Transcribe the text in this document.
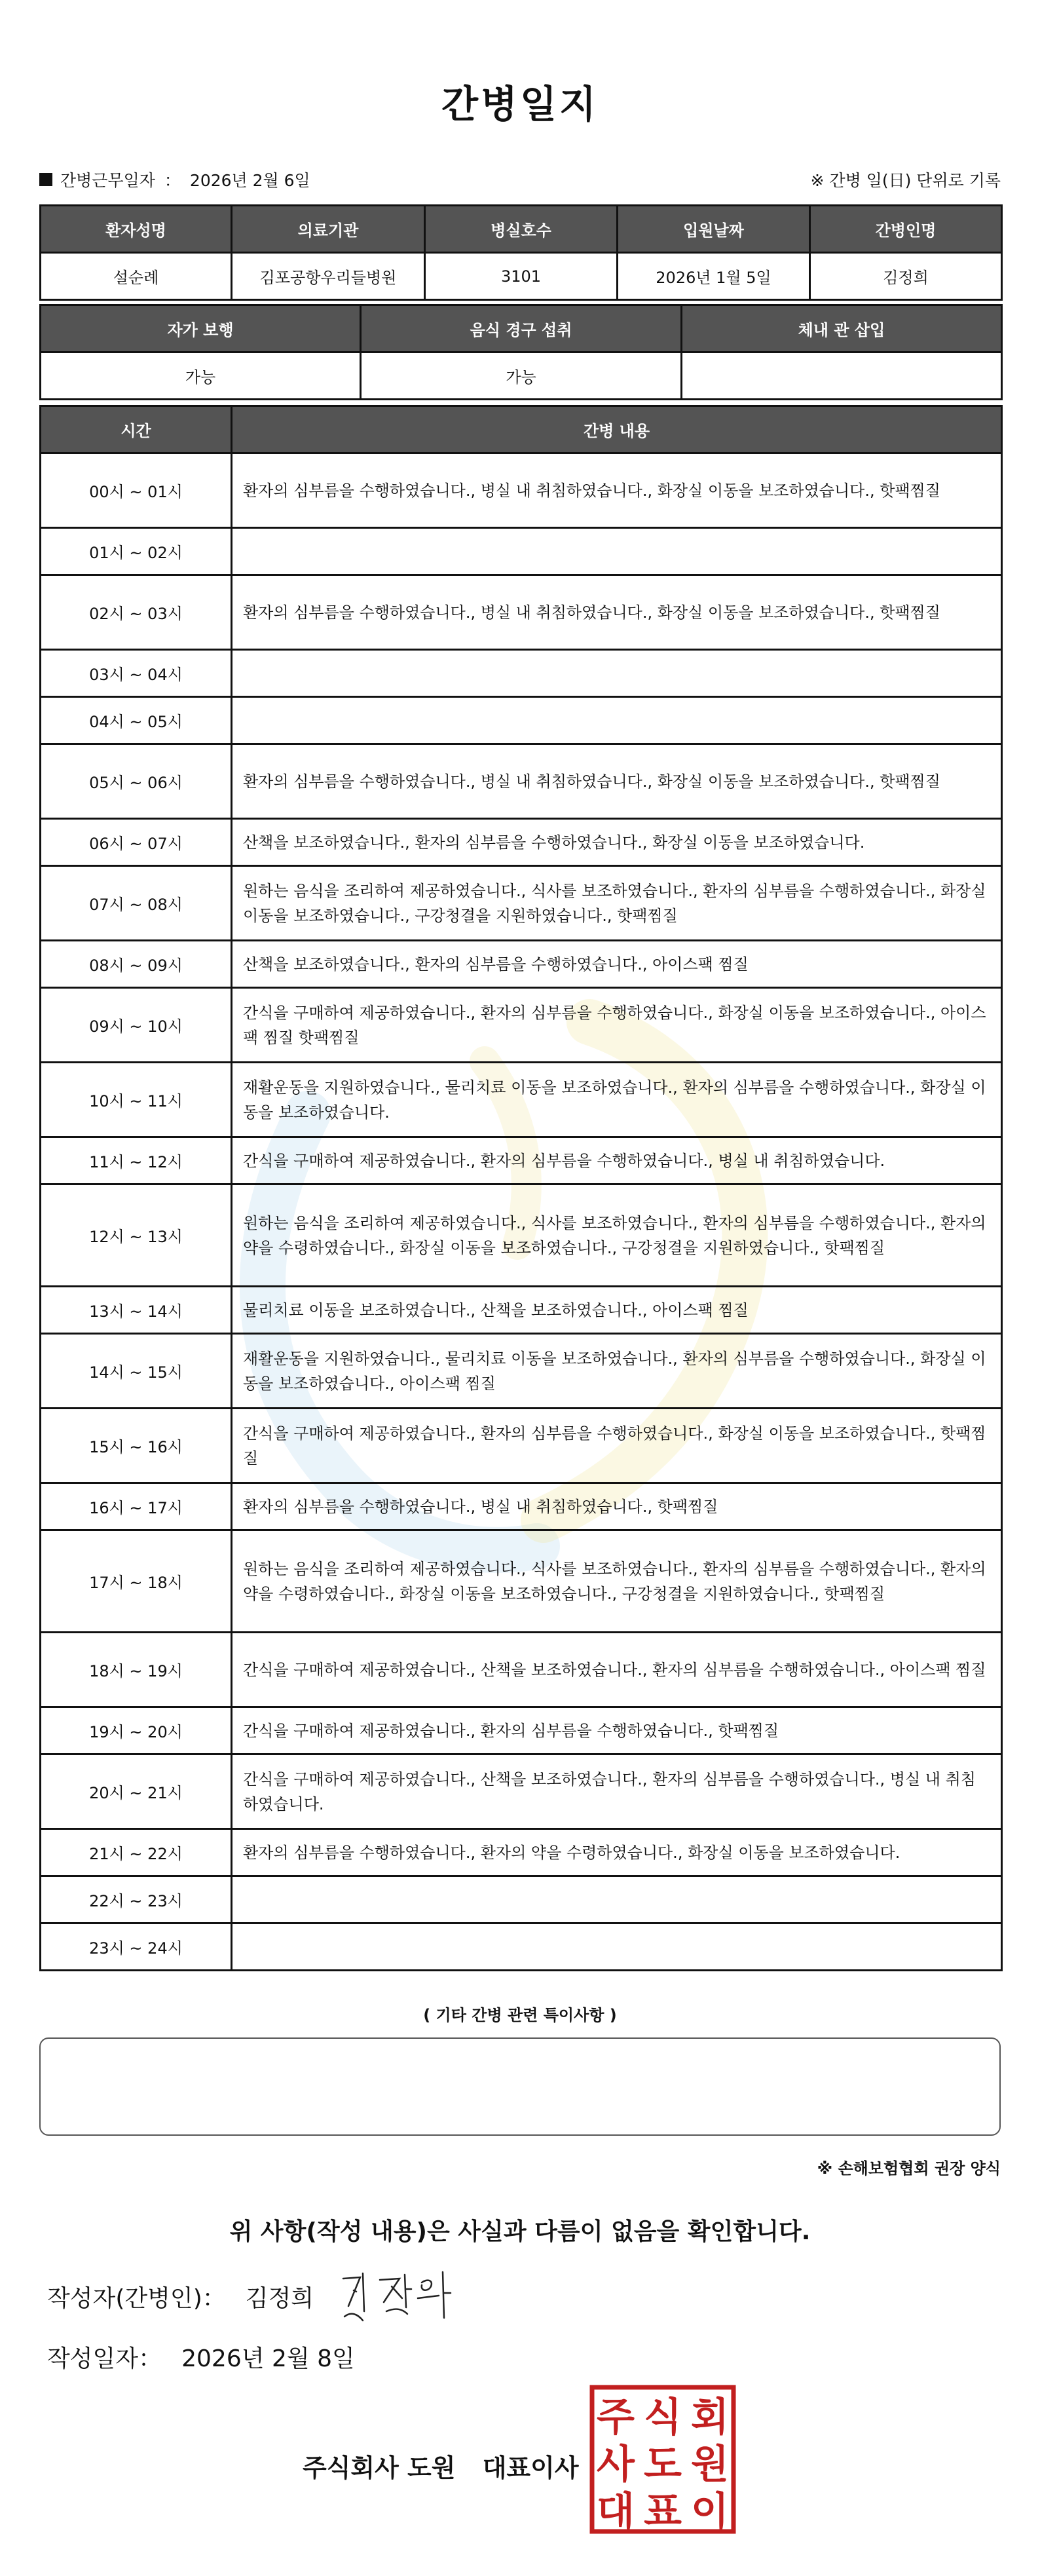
간병일지
간병근무일자 ： 2026년 2월 6일	※ 간병 일(日) 단위로 기록
환자성명	의료기관	병실호수	입원날짜	간병인명
설순례	김포공항우리들병원	3101	2026년 1월 5일	김정희
자가 보행	음식 경구 섭취	체내 관 삽입
가능	가능	
시간	간병 내용
00시 ~ 01시	환자의 심부름을 수행하였습니다., 병실 내 취침하였습니다., 화장실 이동을 보조하였습니다., 핫팩찜질
01시 ~ 02시	
02시 ~ 03시	환자의 심부름을 수행하였습니다., 병실 내 취침하였습니다., 화장실 이동을 보조하였습니다., 핫팩찜질
03시 ~ 04시	
04시 ~ 05시	
05시 ~ 06시	환자의 심부름을 수행하였습니다., 병실 내 취침하였습니다., 화장실 이동을 보조하였습니다., 핫팩찜질
06시 ~ 07시	산책을 보조하였습니다., 환자의 심부름을 수행하였습니다., 화장실 이동을 보조하였습니다.
07시 ~ 08시	원하는 음식을 조리하여 제공하였습니다., 식사를 보조하였습니다., 환자의 심부름을 수행하였습니다., 화장실 이동을 보조하였습니다., 구강청결을 지원하였습니다., 핫팩찜질
08시 ~ 09시	산책을 보조하였습니다., 환자의 심부름을 수행하였습니다., 아이스팩 찜질
09시 ~ 10시	간식을 구매하여 제공하였습니다., 환자의 심부름을 수행하였습니다., 화장실 이동을 보조하였습니다., 아이스팩 찜질 핫팩찜질
10시 ~ 11시	재활운동을 지원하였습니다., 물리치료 이동을 보조하였습니다., 환자의 심부름을 수행하였습니다., 화장실 이동을 보조하였습니다.
11시 ~ 12시	간식을 구매하여 제공하였습니다., 환자의 심부름을 수행하였습니다., 병실 내 취침하였습니다.
12시 ~ 13시	원하는 음식을 조리하여 제공하였습니다., 식사를 보조하였습니다., 환자의 심부름을 수행하였습니다., 환자의 약을 수령하였습니다., 화장실 이동을 보조하였습니다., 구강청결을 지원하였습니다., 핫팩찜질
13시 ~ 14시	물리치료 이동을 보조하였습니다., 산책을 보조하였습니다., 아이스팩 찜질
14시 ~ 15시	재활운동을 지원하였습니다., 물리치료 이동을 보조하였습니다., 환자의 심부름을 수행하였습니다., 화장실 이동을 보조하였습니다., 아이스팩 찜질
15시 ~ 16시	간식을 구매하여 제공하였습니다., 환자의 심부름을 수행하였습니다., 화장실 이동을 보조하였습니다., 핫팩찜질
16시 ~ 17시	환자의 심부름을 수행하였습니다., 병실 내 취침하였습니다., 핫팩찜질
17시 ~ 18시	원하는 음식을 조리하여 제공하였습니다., 식사를 보조하였습니다., 환자의 심부름을 수행하였습니다., 환자의 약을 수령하였습니다., 화장실 이동을 보조하였습니다., 구강청결을 지원하였습니다., 핫팩찜질
18시 ~ 19시	간식을 구매하여 제공하였습니다., 산책을 보조하였습니다., 환자의 심부름을 수행하였습니다., 아이스팩 찜질
19시 ~ 20시	간식을 구매하여 제공하였습니다., 환자의 심부름을 수행하였습니다., 핫팩찜질
20시 ~ 21시	간식을 구매하여 제공하였습니다., 산책을 보조하였습니다., 환자의 심부름을 수행하였습니다., 병실 내 취침하였습니다.
21시 ~ 22시	환자의 심부름을 수행하였습니다., 환자의 약을 수령하였습니다., 화장실 이동을 보조하였습니다.
22시 ~ 23시	
23시 ~ 24시	
( 기타 간병 관련 특이사항 )
※ 손해보험협회 권장 양식
위 사항(작성 내용)은 사실과 다름이 없음을 확인합니다.
작성자(간병인)： 김정희
작성일자： 2026년 2월 8일
주식회사 도원 대표이사
주 식 회
사 도 원
대 표 이
